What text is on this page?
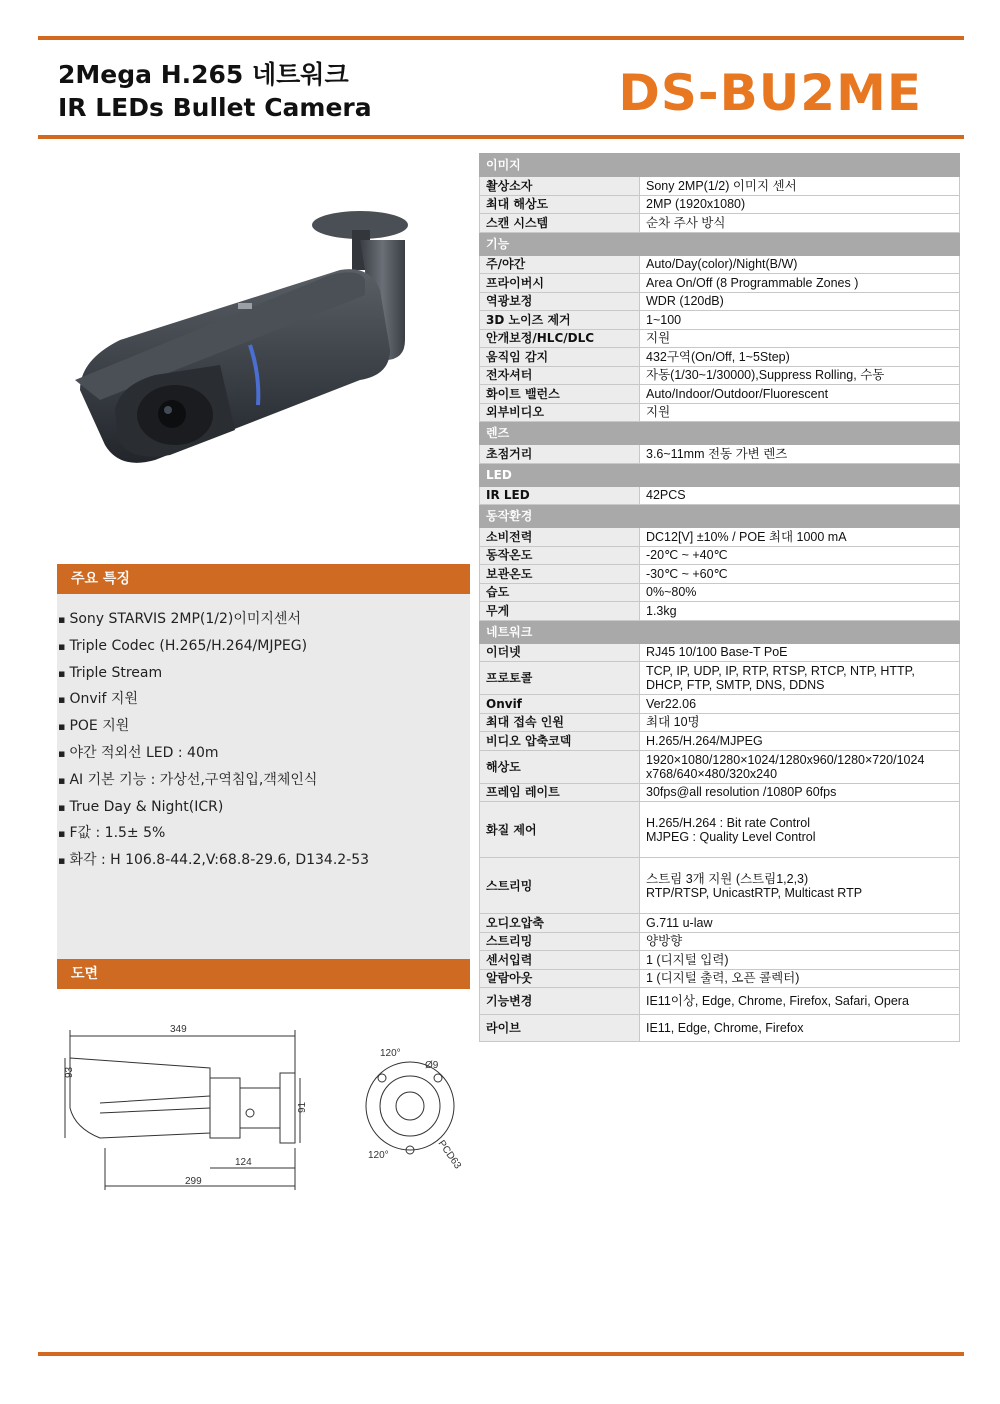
2Mega H.265 네트워크
IR LEDs Bullet Camera	DS-BU2ME
주요 특징
▪ Sony STARVIS 2MP(1/2)이미지센서
▪ Triple Codec (H.265/H.264/MJPEG)
▪ Triple Stream
▪ Onvif 지원
▪ POE 지원
▪ 야간 적외선 LED : 40m
▪ AI 기본 기능 : 가상선,구역침입,객체인식
▪ True Day & Night(ICR)
▪ F값 : 1.5± 5%
▪ 화각 : H 106.8-44.2,V:68.8-29.6, D134.2-53
도면
349
93
91
124
299
120°
120°
Ø9
PCD63
이미지	
촬상소자	Sony 2MP(1/2) 이미지 센서

최대 해상도	2MP (1920x1080)

스캔 시스템	순차 주사 방식

기능	
주/야간	Auto/Day(color)/Night(B/W)

프라이버시	Area On/Off (8 Programmable Zones )

역광보정	WDR (120dB)

3D 노이즈 제거	1~100

안개보정/HLC/DLC	지원

움직임 감지	432구역(On/Off, 1~5Step)

전자셔터	자동(1/30~1/30000),Suppress Rolling, 수동

화이트 밸런스	Auto/Indoor/Outdoor/Fluorescent

외부비디오	지원

렌즈	
초점거리	3.6~11mm 전동 가변 렌즈

LED	
IR LED	42PCS

동작환경	
소비전력	DC12[V] ±10% / POE 최대 1000 mA

동작온도	-20℃ ~ +40℃

보관온도	-30℃ ~ +60℃

습도	0%~80%

무게	1.3kg

네트워크	
이더넷	RJ45 10/100 Base-T PoE

프로토콜	TCP, IP, UDP, IP, RTP, RTSP, RTCP, NTP, HTTP,
DHCP, FTP, SMTP, DNS, DDNS

Onvif	Ver22.06

최대 접속 인원	최대 10명

비디오 압축코덱	H.265/H.264/MJPEG

해상도	1920×1080/1280×1024/1280x960/1280×720/1024
x768/640×480/320x240

프레임 레이트	30fps@all resolution /1080P 60fps

화질 제어	H.265/H.264 : Bit rate Control
MJPEG : Quality Level Control

스트리밍	스트림 3개 지원 (스트림1,2,3)
RTP/RTSP, UnicastRTP, Multicast RTP

오디오압축	G.711 u-law

스트리밍	양방향

센서입력	1 (디지털 입력)

알람아웃	1 (디지털 출력, 오픈 콜렉터)

기능변경	IE11이상, Edge, Chrome, Firefox, Safari, Opera

라이브	IE11, Edge, Chrome, Firefox
